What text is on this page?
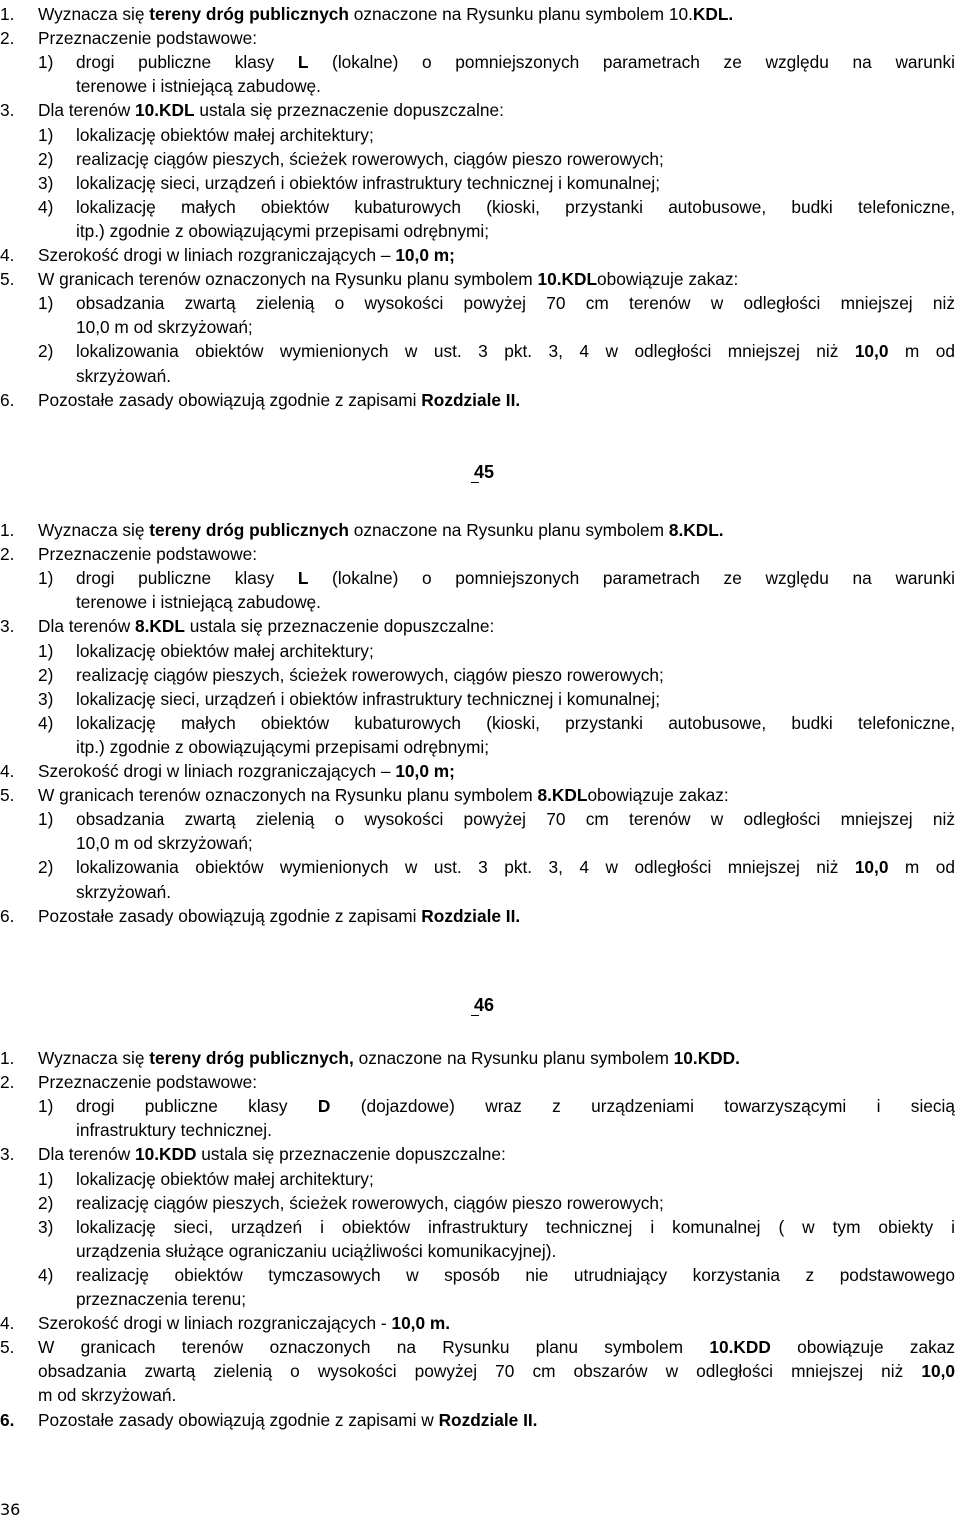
1. Wyznacza się tereny dróg publicznych oznaczone na Rysunku planu symbolem 10.KDL.
2. Przeznaczenie podstawowe:
1) drogi publiczne klasy L (lokalne) o pomniejszonych parametrach ze względu na warunki
terenowe i istniejącą zabudowę.
3. Dla terenów 10.KDL ustala się przeznaczenie dopuszczalne:
1) lokalizację obiektów małej architektury;
2) realizację ciągów pieszych, ścieżek rowerowych, ciągów pieszo rowerowych;
3) lokalizację sieci, urządzeń i obiektów infrastruktury technicznej i komunalnej;
4) lokalizację małych obiektów kubaturowych (kioski, przystanki autobusowe, budki telefoniczne,
itp.) zgodnie z obowiązującymi przepisami odrębnymi;
4. Szerokość drogi w liniach rozgraniczających – 10,0 m;
5. W granicach terenów oznaczonych na Rysunku planu symbolem 10.KDLobowiązuje zakaz:
1) obsadzania zwartą zielenią o wysokości powyżej 70 cm terenów w odległości mniejszej niż
10,0 m od skrzyżowań;
2) lokalizowania obiektów wymienionych w ust. 3 pkt. 3, 4 w odległości mniejszej niż 10,0 m od
skrzyżowań.
6. Pozostałe zasady obowiązują zgodnie z zapisami Rozdziale II.
45
1. Wyznacza się tereny dróg publicznych oznaczone na Rysunku planu symbolem 8.KDL.
2. Przeznaczenie podstawowe:
1) drogi publiczne klasy L (lokalne) o pomniejszonych parametrach ze względu na warunki
terenowe i istniejącą zabudowę.
3. Dla terenów 8.KDL ustala się przeznaczenie dopuszczalne:
1) lokalizację obiektów małej architektury;
2) realizację ciągów pieszych, ścieżek rowerowych, ciągów pieszo rowerowych;
3) lokalizację sieci, urządzeń i obiektów infrastruktury technicznej i komunalnej;
4) lokalizację małych obiektów kubaturowych (kioski, przystanki autobusowe, budki telefoniczne,
itp.) zgodnie z obowiązującymi przepisami odrębnymi;
4. Szerokość drogi w liniach rozgraniczających – 10,0 m;
5. W granicach terenów oznaczonych na Rysunku planu symbolem 8.KDLobowiązuje zakaz:
1) obsadzania zwartą zielenią o wysokości powyżej 70 cm terenów w odległości mniejszej niż
10,0 m od skrzyżowań;
2) lokalizowania obiektów wymienionych w ust. 3 pkt. 3, 4 w odległości mniejszej niż 10,0 m od
skrzyżowań.
6. Pozostałe zasady obowiązują zgodnie z zapisami Rozdziale II.
46
1. Wyznacza się tereny dróg publicznych, oznaczone na Rysunku planu symbolem 10.KDD.
2. Przeznaczenie podstawowe:
1) drogi publiczne klasy D (dojazdowe) wraz z urządzeniami towarzyszącymi i siecią
infrastruktury technicznej.
3. Dla terenów 10.KDD ustala się przeznaczenie dopuszczalne:
1) lokalizację obiektów małej architektury;
2) realizację ciągów pieszych, ścieżek rowerowych, ciągów pieszo rowerowych;
3) lokalizację sieci, urządzeń i obiektów infrastruktury technicznej i komunalnej ( w tym obiekty i
urządzenia służące ograniczaniu uciążliwości komunikacyjnej).
4) realizację obiektów tymczasowych w sposób nie utrudniający korzystania z podstawowego
przeznaczenia terenu;
4. Szerokość drogi w liniach rozgraniczających - 10,0 m.
5. W granicach terenów oznaczonych na Rysunku planu symbolem 10.KDD obowiązuje zakaz
obsadzania zwartą zielenią o wysokości powyżej 70 cm obszarów w odległości mniejszej niż 10,0
m od skrzyżowań.
6. Pozostałe zasady obowiązują zgodnie z zapisami w Rozdziale II.
36
